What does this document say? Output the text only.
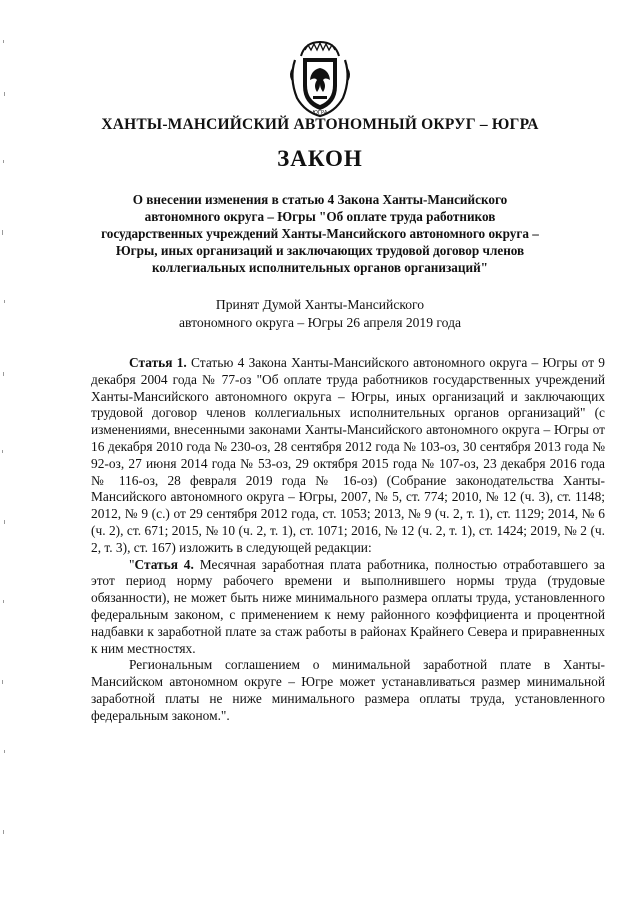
ЮГРА
ХАНТЫ-МАНСИЙСКИЙ АВТОНОМНЫЙ ОКРУГ – ЮГРА
ЗАКОН
О внесении изменения в статью 4 Закона Ханты-Мансийского автономного округа – Югры "Об оплате труда работников государственных учреждений Ханты-Мансийского автономного округа – Югры, иных организаций и заключающих трудовой договор членов коллегиальных исполнительных органов организаций"
Принят Думой Ханты-Мансийского
автономного округа – Югры 26 апреля 2019 года

Статья 1. Статью 4 Закона Ханты-Мансийского автономного округа – Югры от 9 декабря 2004 года № 77-оз "Об оплате труда работников государственных учреждений Ханты-Мансийского автономного округа – Югры, иных организаций и заключающих трудовой договор членов коллегиальных исполнительных органов организаций" (с изменениями, внесенными законами Ханты-Мансийского автономного округа – Югры от 16 декабря 2010 года № 230-оз, 28 сентября 2012 года № 103-оз, 30 сентября 2013 года № 92-оз, 27 июня 2014 года № 53-оз, 29 октября 2015 года № 107-оз, 23 декабря 2016 года № 116-оз, 28 февраля 2019 года № 16-оз) (Собрание законодательства Ханты-Мансийского автономного округа – Югры, 2007, № 5, ст. 774; 2010, № 12 (ч. 3), ст. 1148; 2012, № 9 (с.) от 29 сентября 2012 года, ст. 1053; 2013, № 9 (ч. 2, т. 1), ст. 1129; 2014, № 6 (ч. 2), ст. 671; 2015, № 10 (ч. 2, т. 1), ст. 1071; 2016, № 12 (ч. 2, т. 1), ст. 1424; 2019, № 2 (ч. 2, т. 3), ст. 167) изложить в следующей редакции:

"Статья 4. Месячная заработная плата работника, полностью отработавшего за этот период норму рабочего времени и выполнившего нормы труда (трудовые обязанности), не может быть ниже минимального размера оплаты труда, установленного федеральным законом, с применением к нему районного коэффициента и процентной надбавки к заработной плате за стаж работы в районах Крайнего Севера и приравненных к ним местностях.

Региональным соглашением о минимальной заработной плате в Ханты-Мансийском автономном округе – Югре может устанавливаться размер минимальной заработной платы не ниже минимального размера оплаты труда, установленного федеральным законом.".
